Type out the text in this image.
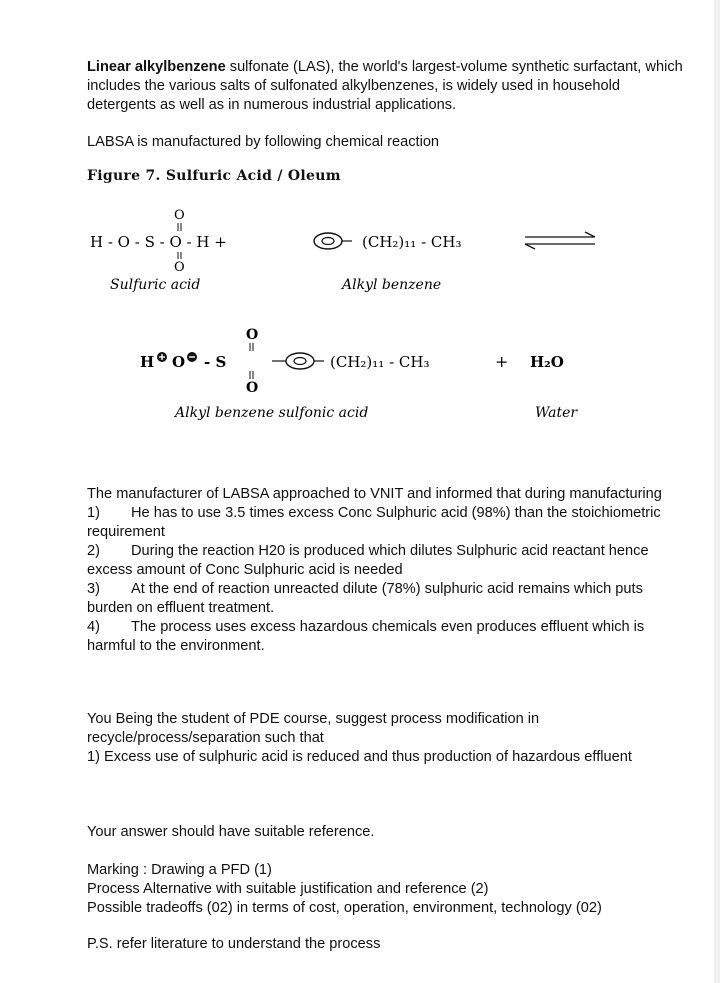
Linear alkylbenzene sulfonate (LAS), the world's largest-volume synthetic surfactant, which includes the various salts of sulfonated alkylbenzenes, is widely used in household detergents as well as in numerous industrial applications.

LABSA is manufactured by following chemical reaction

Figure 7. Sulfuric Acid / Oleum
H - O - S - O - H +
O
O
(CH₂)₁₁ - CH₃
Sulfuric acid	Alkyl benzene
H O - S
O
O
(CH₂)₁₁ - CH₃	+ H₂O
Alkyl benzene sulfonic acid	Water

The manufacturer of LABSA approached to VNIT and informed that during manufacturing

1) He has to use 3.5 times excess Conc Sulphuric acid (98%) than the stoichiometric requirement

2) During the reaction H20 is produced which dilutes Sulphuric acid reactant hence excess amount of Conc Sulphuric acid is needed

3) At the end of reaction unreacted dilute (78%) sulphuric acid remains which puts burden on effluent treatment.

4) The process uses excess hazardous chemicals even produces effluent which is harmful to the environment.

You Being the student of PDE course, suggest process modification in recycle/process/separation such that

1) Excess use of sulphuric acid is reduced and thus production of hazardous effluent

Your answer should have suitable reference.

Marking : Drawing a PFD (1)

Process Alternative with suitable justification and reference (2)

Possible tradeoffs (02) in terms of cost, operation, environment, technology (02)

P.S. refer literature to understand the process
